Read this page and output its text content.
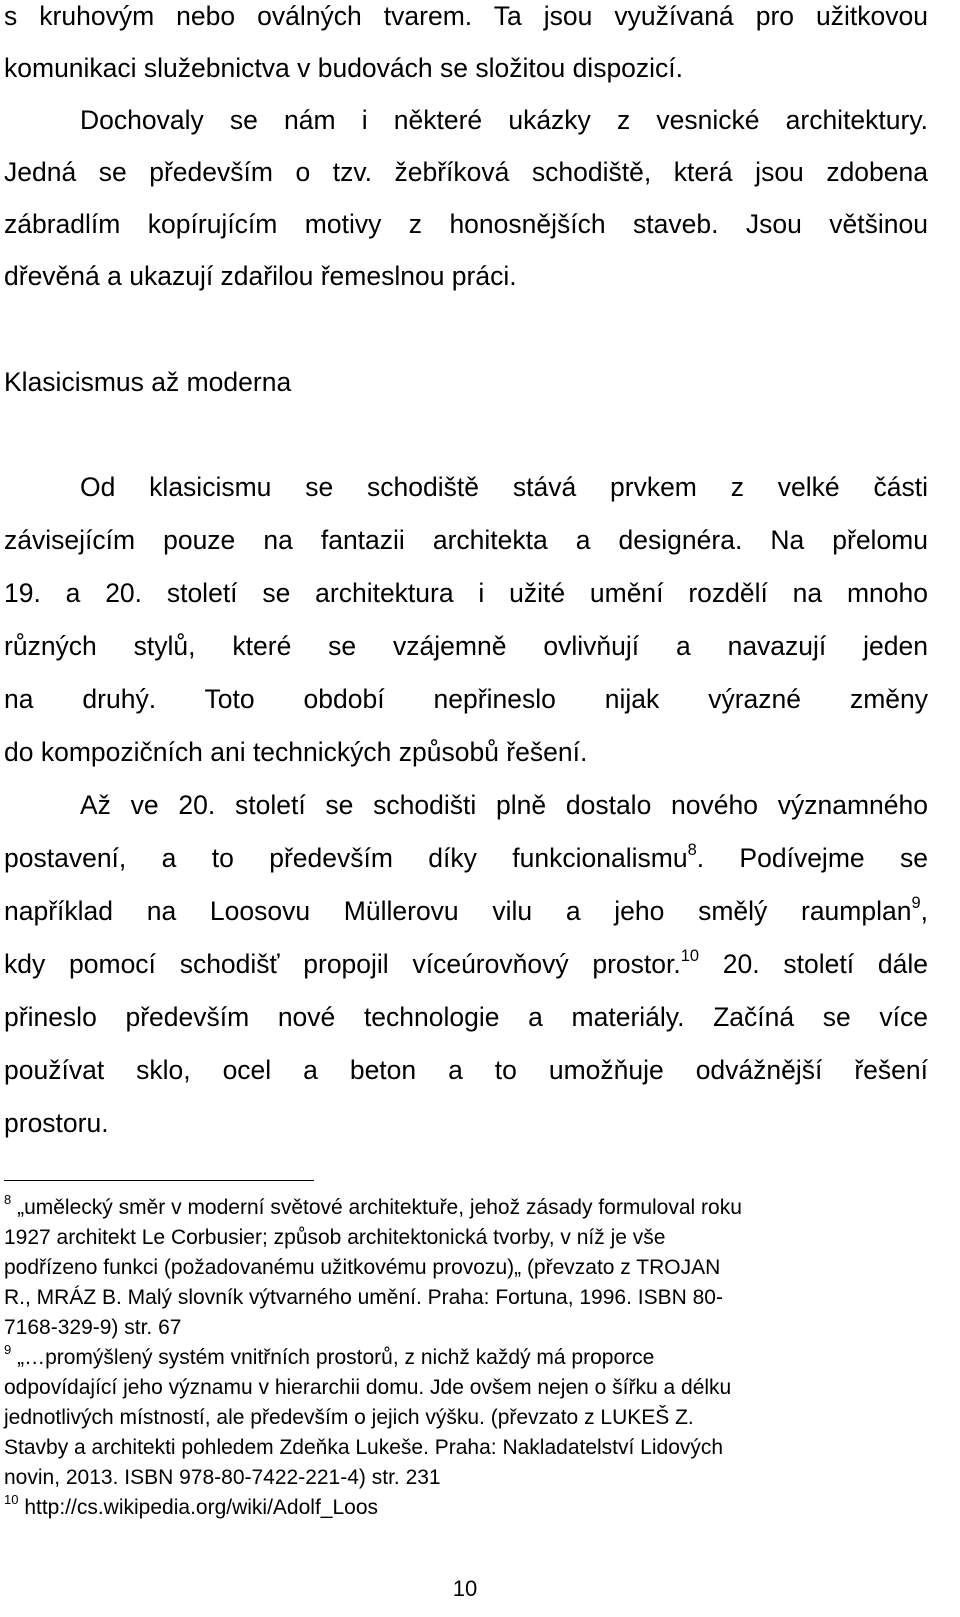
s kruhovým nebo oválných tvarem. Ta jsou využívaná pro užitkovou
komunikaci služebnictva v budovách se složitou dispozicí.
Dochovaly se nám i některé ukázky z vesnické architektury.
Jedná se především o tzv. žebříková schodiště, která jsou zdobena
zábradlím kopírujícím motivy z honosnějších staveb. Jsou většinou
dřevěná a ukazují zdařilou řemeslnou práci.
Klasicismus až moderna
Od klasicismu se schodiště stává prvkem z velké části
závisejícím pouze na fantazii architekta a designéra. Na přelomu
19. a 20. století se architektura i užité umění rozdělí na mnoho
různých stylů, které se vzájemně ovlivňují a navazují jeden
na druhý. Toto období nepřineslo nijak výrazné změny
do kompozičních ani technických způsobů řešení.
Až ve 20. století se schodišti plně dostalo nového významného
postavení, a to především díky funkcionalismu$^8$. Podívejme se
například na Loosovu Müllerovu vilu a jeho smělý raumplan$^9$,
kdy pomocí schodišť propojil víceúrovňový prostor.$^{10}$ 20. století dále
přineslo především nové technologie a materiály. Začíná se více
používat sklo, ocel a beton a to umožňuje odvážnější řešení
prostoru.
$^8$ „umělecký směr v moderní světové architektuře, jehož zásady formuloval roku
1927 architekt Le Corbusier; způsob architektonická tvorby, v níž je vše
podřízeno funkci (požadovanému užitkovému provozu)„ (převzato z TROJAN
R., MRÁZ B. Malý slovník výtvarného umění. Praha: Fortuna, 1996. ISBN 80-
7168-329-9) str. 67
$^9$ „…promýšlený systém vnitřních prostorů, z nichž každý má proporce
odpovídající jeho významu v hierarchii domu. Jde ovšem nejen o šířku a délku
jednotlivých místností, ale především o jejich výšku. (převzato z LUKEŠ Z.
Stavby a architekti pohledem Zdeňka Lukeše. Praha: Nakladatelství Lidových
novin, 2013. ISBN 978-80-7422-221-4) str. 231
$^{10}$ http://cs.wikipedia.org/wiki/Adolf_Loos
10
